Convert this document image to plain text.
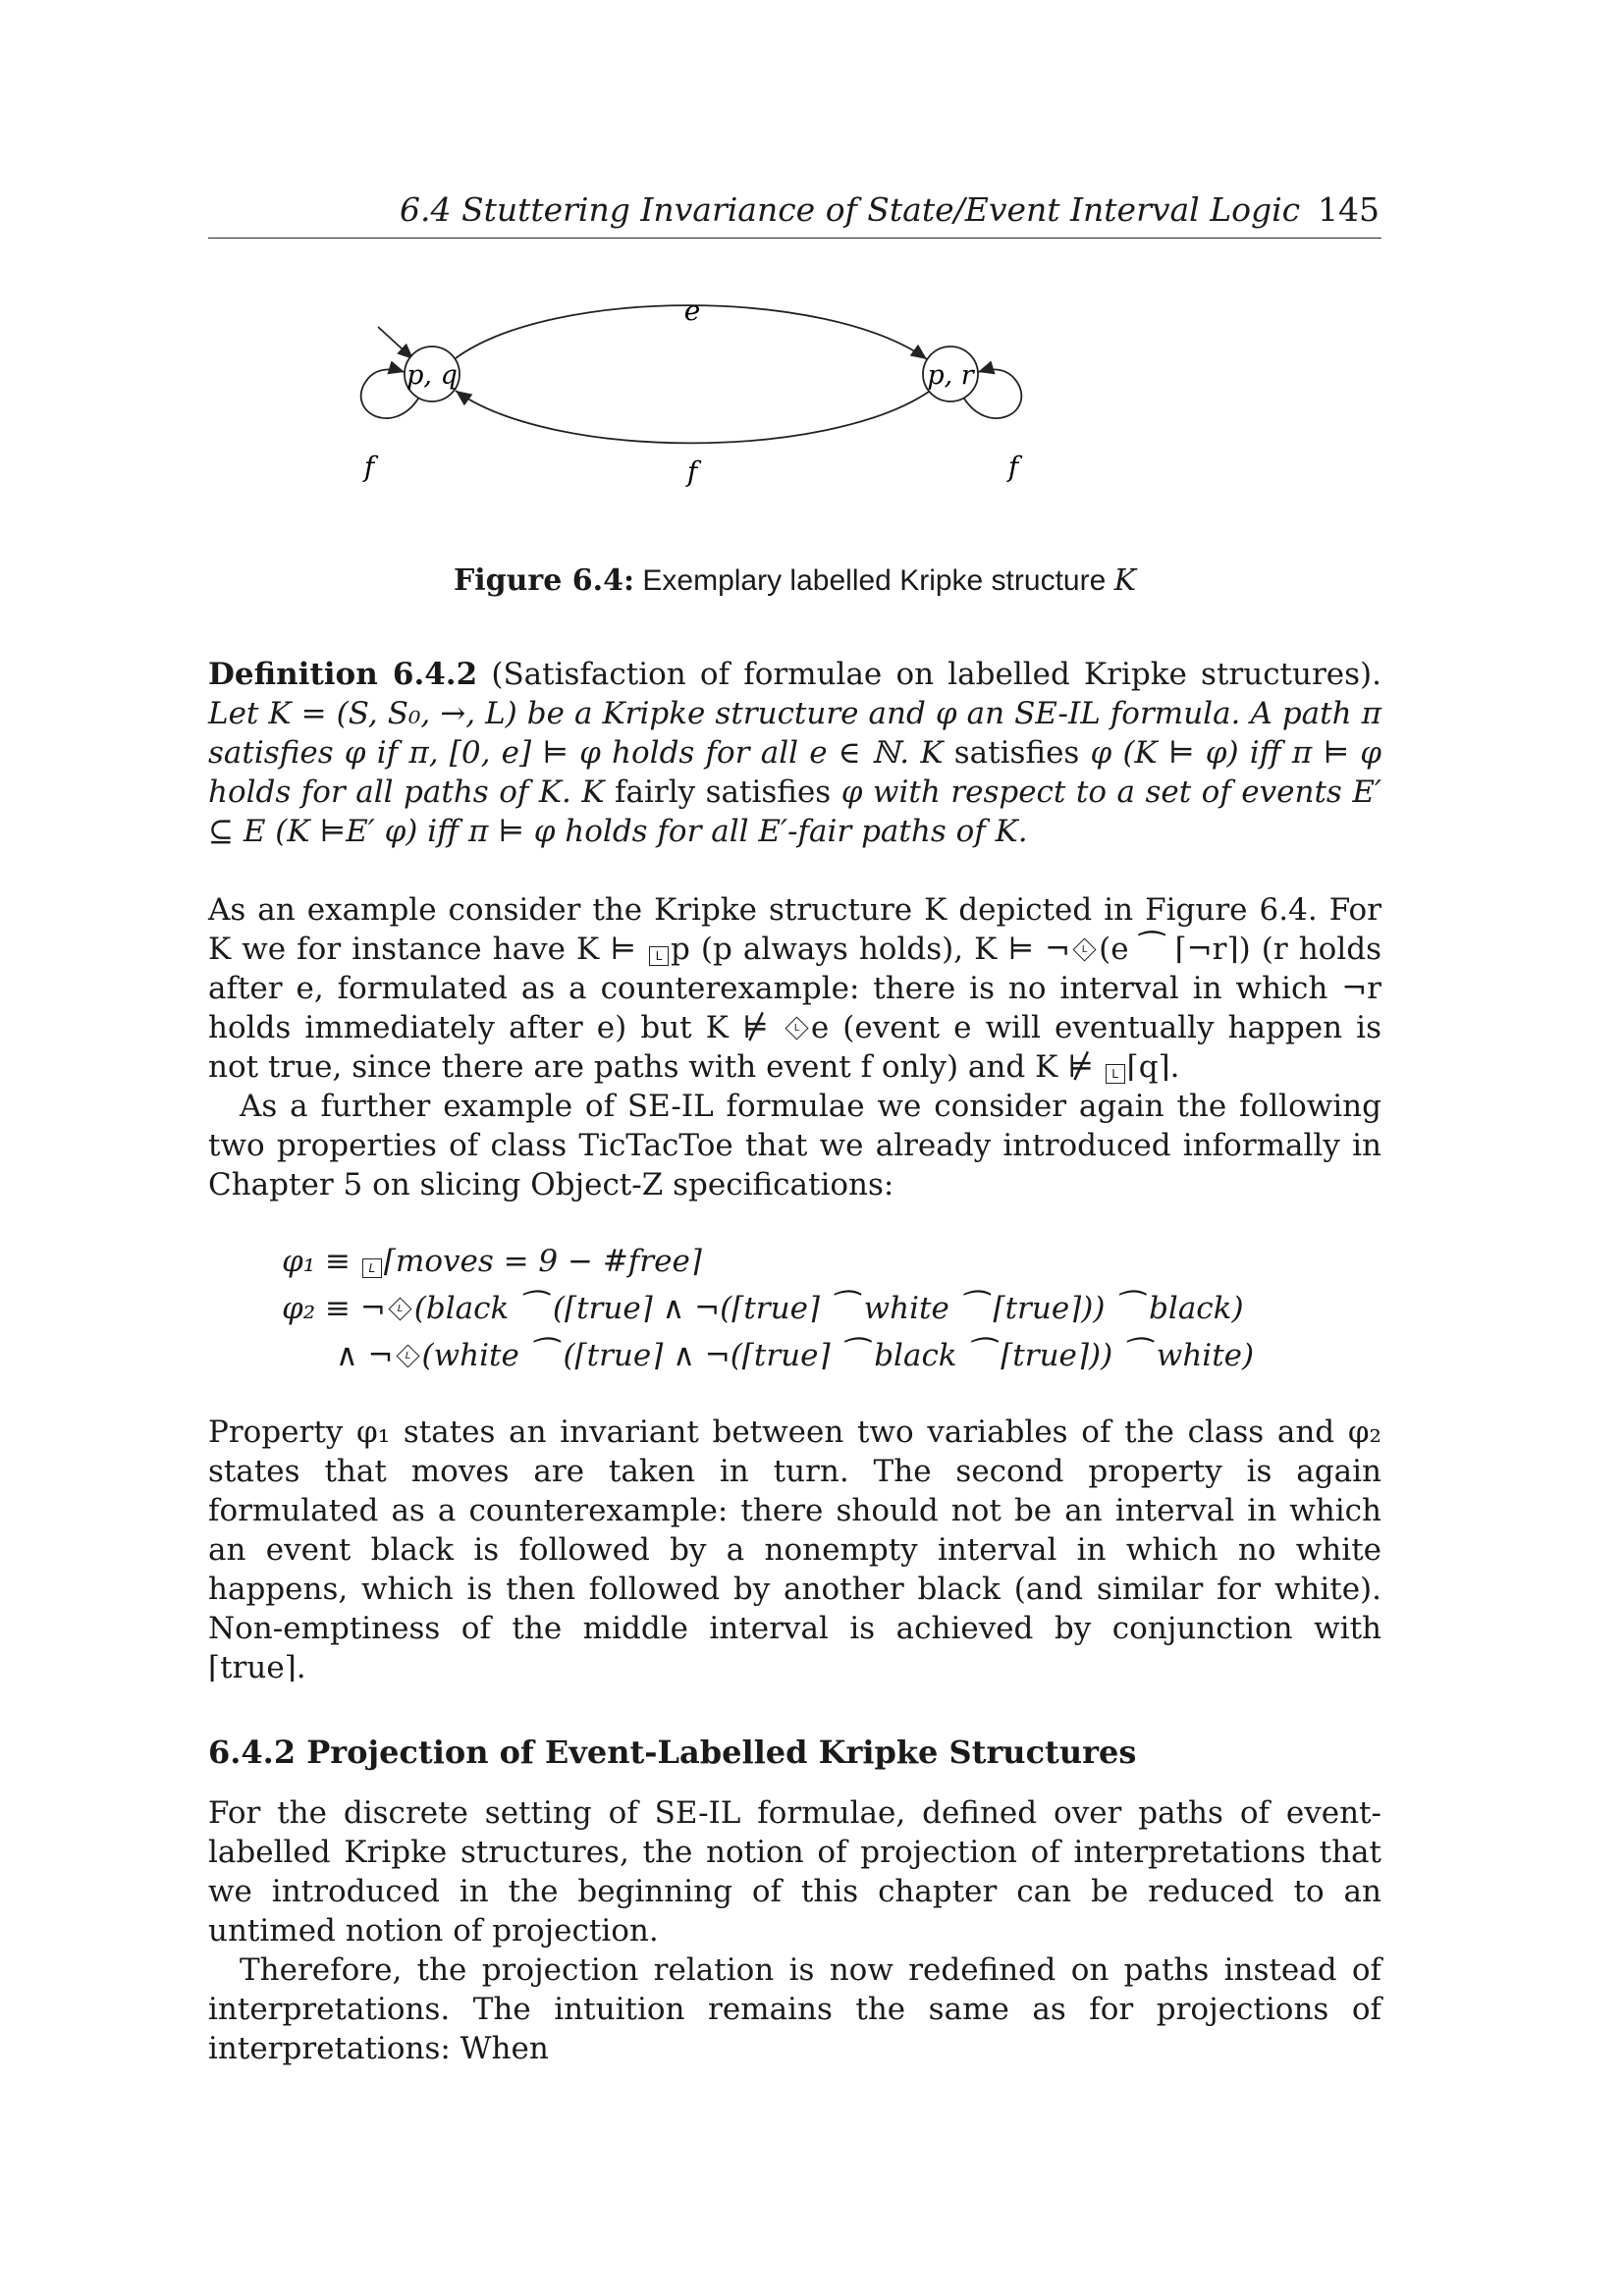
6.4 Stuttering Invariance of State/Event Interval Logic 145
p, q	p, r
e
f
f	f
Figure 6.4: Exemplary labelled Kripke structure K

Definition 6.4.2 (Satisfaction of formulae on labelled Kripke structures). Let K = (S, S₀, →, L) be a Kripke structure and φ an SE-IL formula. A path π satisfies φ if π, [0, e] ⊨ φ holds for all e ∈ ℕ. K satisfies φ (K ⊨ φ) iff π ⊨ φ holds for all paths of K. K fairly satisfies φ with respect to a set of events E′ ⊆ E (K ⊨E′ φ) iff π ⊨ φ holds for all E′-fair paths of K.

As an example consider the Kripke structure K depicted in Figure 6.4. For K we for instance have K ⊨ L p (p always holds), K ⊨ ¬	L (e ⁀ ⌈¬r⌉) (r holds after e, formulated as a counterexample: there is no interval in which ¬r holds immediately after e) but K ⊭	L e (event e will eventually happen is not true, since there are paths with event f only) and K ⊭ L ⌈q⌉.

As a further example of SE-IL formulae we consider again the following two properties of class TicTacToe that we already introduced informally in Chapter 5 on slicing Object-Z specifications:

φ₁ ≡ L ⌈moves = 9 − #free⌉
φ₂ ≡ ¬	L (black ⁀ (⌈true⌉ ∧ ¬(⌈true⌉ ⁀ white ⁀ ⌈true⌉)) ⁀ black)
∧ ¬	L (white ⁀ (⌈true⌉ ∧ ¬(⌈true⌉ ⁀ black ⁀ ⌈true⌉)) ⁀ white)

Property φ₁ states an invariant between two variables of the class and φ₂ states that moves are taken in turn. The second property is again formulated as a counterexample: there should not be an interval in which an event black is followed by a nonempty interval in which no white happens, which is then followed by another black (and similar for white). Non-emptiness of the middle interval is achieved by conjunction with ⌈true⌉.

6.4.2 Projection of Event-Labelled Kripke Structures

For the discrete setting of SE-IL formulae, defined over paths of event-labelled Kripke structures, the notion of projection of interpretations that we introduced in the beginning of this chapter can be reduced to an untimed notion of projection.

Therefore, the projection relation is now redefined on paths instead of interpretations. The intuition remains the same as for projections of interpretations: When
